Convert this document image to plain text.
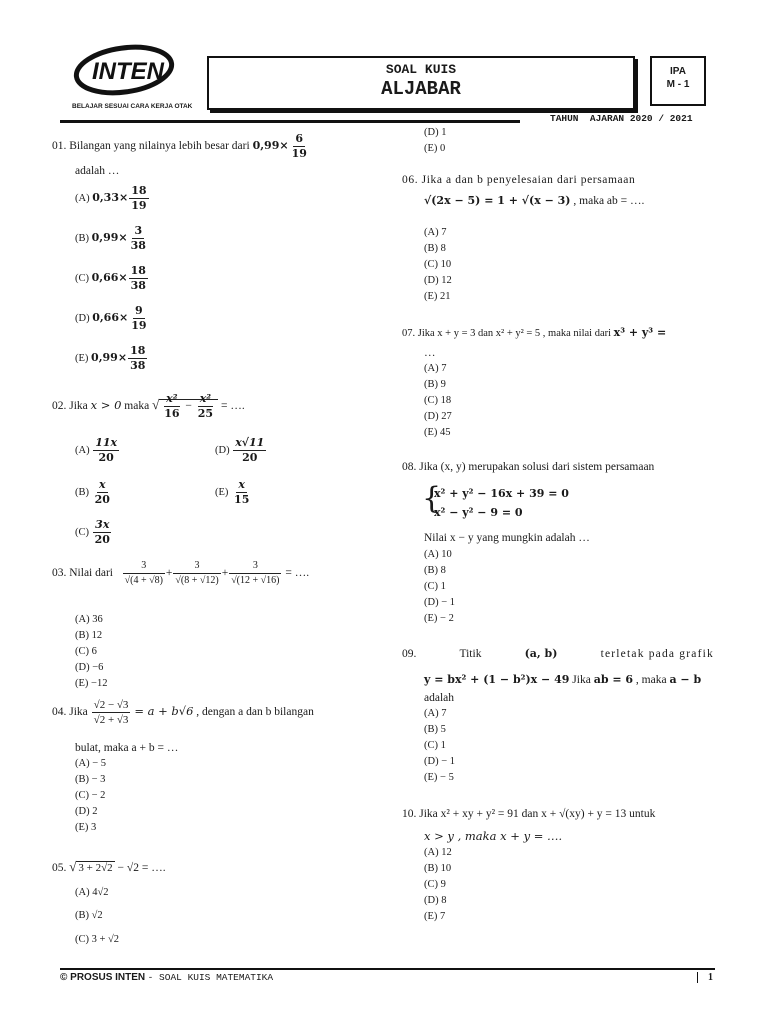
INTEN
BELAJAR SESUAI CARA KERJA OTAK
SOAL KUIS
ALJABAR
IPA
M - 1
TAHUN  AJARAN 2020 / 2021
01. Bilangan yang nilainya lebih besar dari $0,99\times \frac{6}{19}$
adalah …
(A) $0,33\times \frac{18}{19}$
(B) $0,99\times \frac{3}{38}$
(C) $0,66\times \frac{18}{38}$
(D) $0,66\times \frac{9}{19}$
(E) $0,99\times \frac{18}{38}$
02. Jika x > 0 maka √ $\frac{\text{x²}}{16} - \frac{\text{x²}}{25}$ = ….
$(A) \frac{11x}{20}$	$(D) \frac{x√11}{20}$
$(B) \frac{x}{20}$	$(E) \frac{x}{15}$
$(C) \frac{3x}{20}$
03. Nilai dari $\frac{3}{√(4 + √8)} + \frac{3}{√(8 + √12)} + \frac{3}{√(12 + √16)}$ = ….
(A) 36
(B) 12
(C) 6
(D) −6
(E) −12
04. Jika $\frac{√2 - √3}{√2 + √3} = a + b√6$ , dengan a dan b bilangan
bulat, maka a + b = …
(A) − 5
(B) − 3
(C) − 2
(D) 2
(E) 3
05. √ 3 + 2√2 − √2 = ….
(A) 4√2
(B) √2
(C) 3 + √2
(D) 1
(E) 0
06. Jika a dan b penyelesaian dari persamaan
√(2x − 5) = 1 + √(x − 3) , maka ab = ….
(A) 7
(B) 8
(C) 10
(D) 12
(E) 21
07. Jika x + y = 3 dan x² + y² = 5 , maka nilai dari x³ + y³ =
…
(A) 7
(B) 9
(C) 18
(D) 27
(E) 45
08. Jika (x, y) merupakan solusi dari sistem persamaan
{
x² + y² − 16x + 39 = 0
x² − y² − 9 = 0
Nilai x − y yang mungkin adalah …
(A) 10
(B) 8
(C) 1
(D) − 1
(E) − 2
09.	Titik	(a, b)	terletak pada grafik
y = bx² + (1 − b²)x − 49 Jika ab = 6 , maka a − b
adalah
(A) 7
(B) 5
(C) 1
(D) − 1
(E) − 5
10. Jika x² + xy + y² = 91 dan x + √(xy) + y = 13 untuk
x > y , maka x + y = ….
(A) 12
(B) 10
(C) 9
(D) 8
(E) 7
© PROSUS INTEN - SOAL KUIS MATEMATIKA	1
